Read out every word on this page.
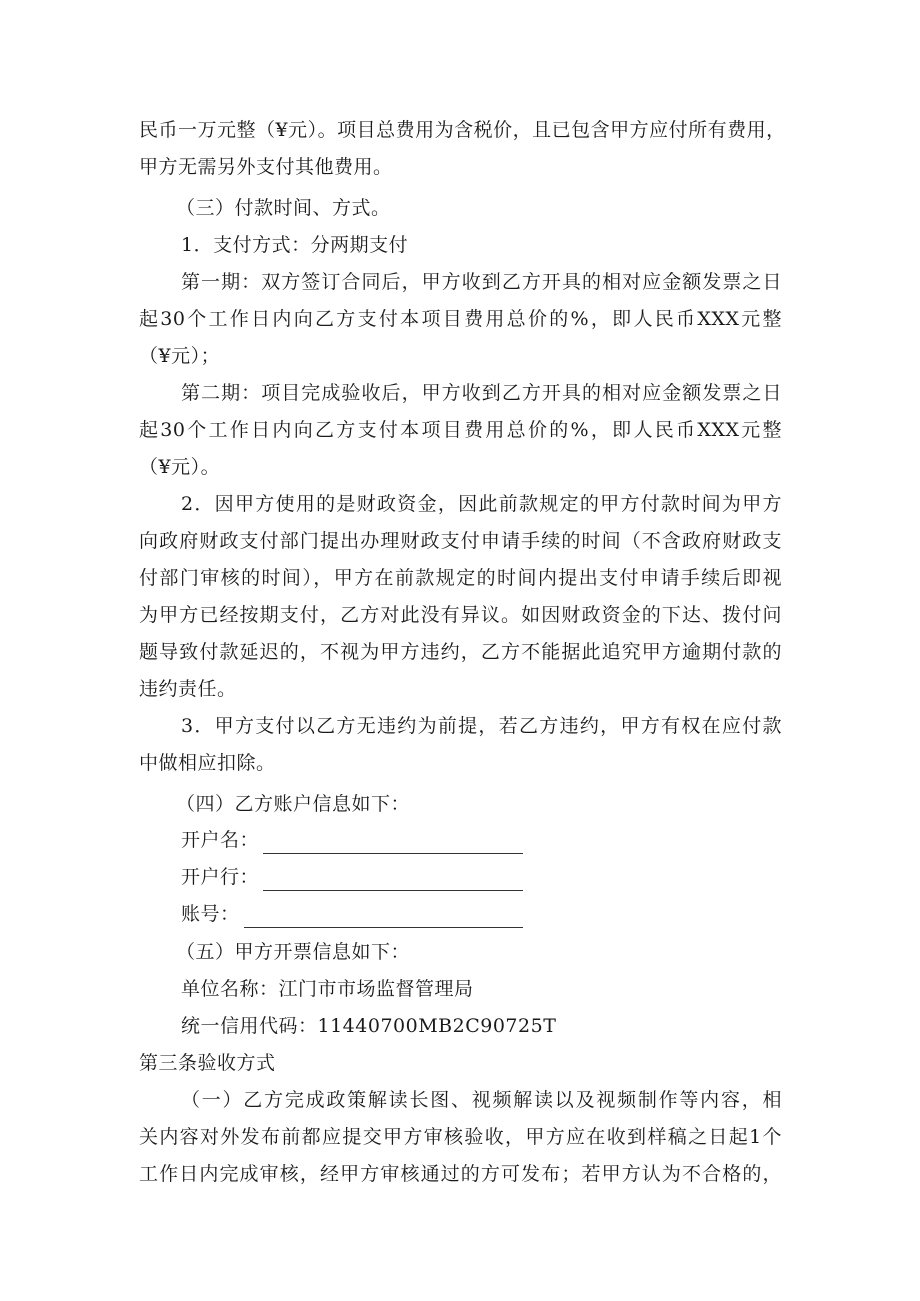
民币一万元整（¥元）。项目总费用为含税价，且已包含甲方应付所有费用，
甲方无需另外支付其他费用。
（三）付款时间、方式。
1．支付方式：分两期支付
第一期：双方签订合同后，甲方收到乙方开具的相对应金额发票之日
起30个工作日内向乙方支付本项目费用总价的%，即人民币XXX元整
（¥元）；
第二期：项目完成验收后，甲方收到乙方开具的相对应金额发票之日
起30个工作日内向乙方支付本项目费用总价的%，即人民币XXX元整
（¥元）。
2．因甲方使用的是财政资金，因此前款规定的甲方付款时间为甲方
向政府财政支付部门提出办理财政支付申请手续的时间（不含政府财政支
付部门审核的时间），甲方在前款规定的时间内提出支付申请手续后即视
为甲方已经按期支付，乙方对此没有异议。如因财政资金的下达、拨付问
题导致付款延迟的，不视为甲方违约，乙方不能据此追究甲方逾期付款的
违约责任。
3．甲方支付以乙方无违约为前提，若乙方违约，甲方有权在应付款
中做相应扣除。
（四）乙方账户信息如下：
开户名：
开户行：
账号：
（五）甲方开票信息如下：
单位名称：江门市市场监督管理局
统一信用代码：11440700MB2C90725T
第三条验收方式
（一）乙方完成政策解读长图、视频解读以及视频制作等内容，相
关内容对外发布前都应提交甲方审核验收，甲方应在收到样稿之日起1个
工作日内完成审核，经甲方审核通过的方可发布；若甲方认为不合格的，
